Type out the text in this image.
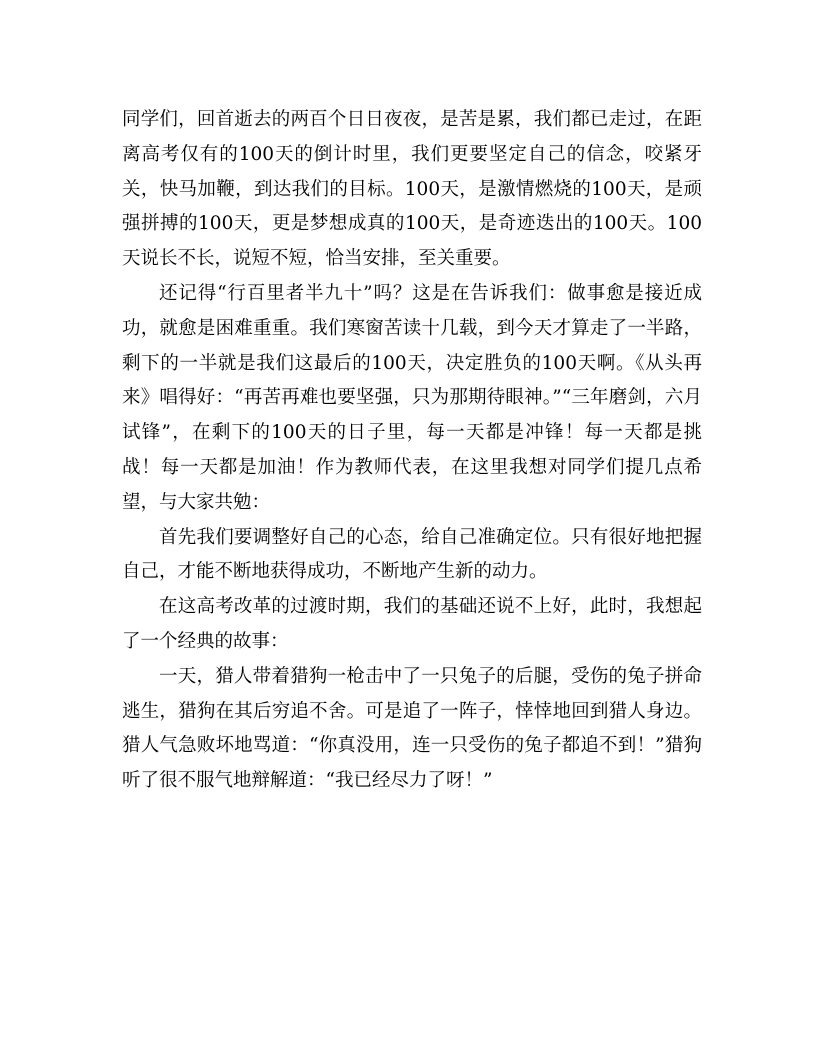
同学们，回首逝去的两百个日日夜夜，是苦是累，我们都已走过，在距离高考仅有的100天的倒计时里，我们更要坚定自己的信念，咬紧牙关，快马加鞭，到达我们的目标。100天，是激情燃烧的100天，是顽强拼搏的100天，更是梦想成真的100天，是奇迹迭出的100天。100天说长不长，说短不短，恰当安排，至关重要。

还记得“行百里者半九十”吗？这是在告诉我们：做事愈是接近成功，就愈是困难重重。我们寒窗苦读十几载，到今天才算走了一半路，剩下的一半就是我们这最后的100天，决定胜负的100天啊。《从头再来》唱得好：“再苦再难也要坚强，只为那期待眼神。”“三年磨剑，六月试锋”，在剩下的100天的日子里，每一天都是冲锋！每一天都是挑战！每一天都是加油！作为教师代表，在这里我想对同学们提几点希望，与大家共勉：

首先我们要调整好自己的心态，给自己准确定位。只有很好地把握自己，才能不断地获得成功，不断地产生新的动力。

在这高考改革的过渡时期，我们的基础还说不上好，此时，我想起了一个经典的故事：

一天，猎人带着猎狗一枪击中了一只兔子的后腿，受伤的兔子拼命逃生，猎狗在其后穷追不舍。可是追了一阵子，悻悻地回到猎人身边。猎人气急败坏地骂道：“你真没用，连一只受伤的兔子都追不到！”猎狗听了很不服气地辩解道：“我已经尽力了呀！”
